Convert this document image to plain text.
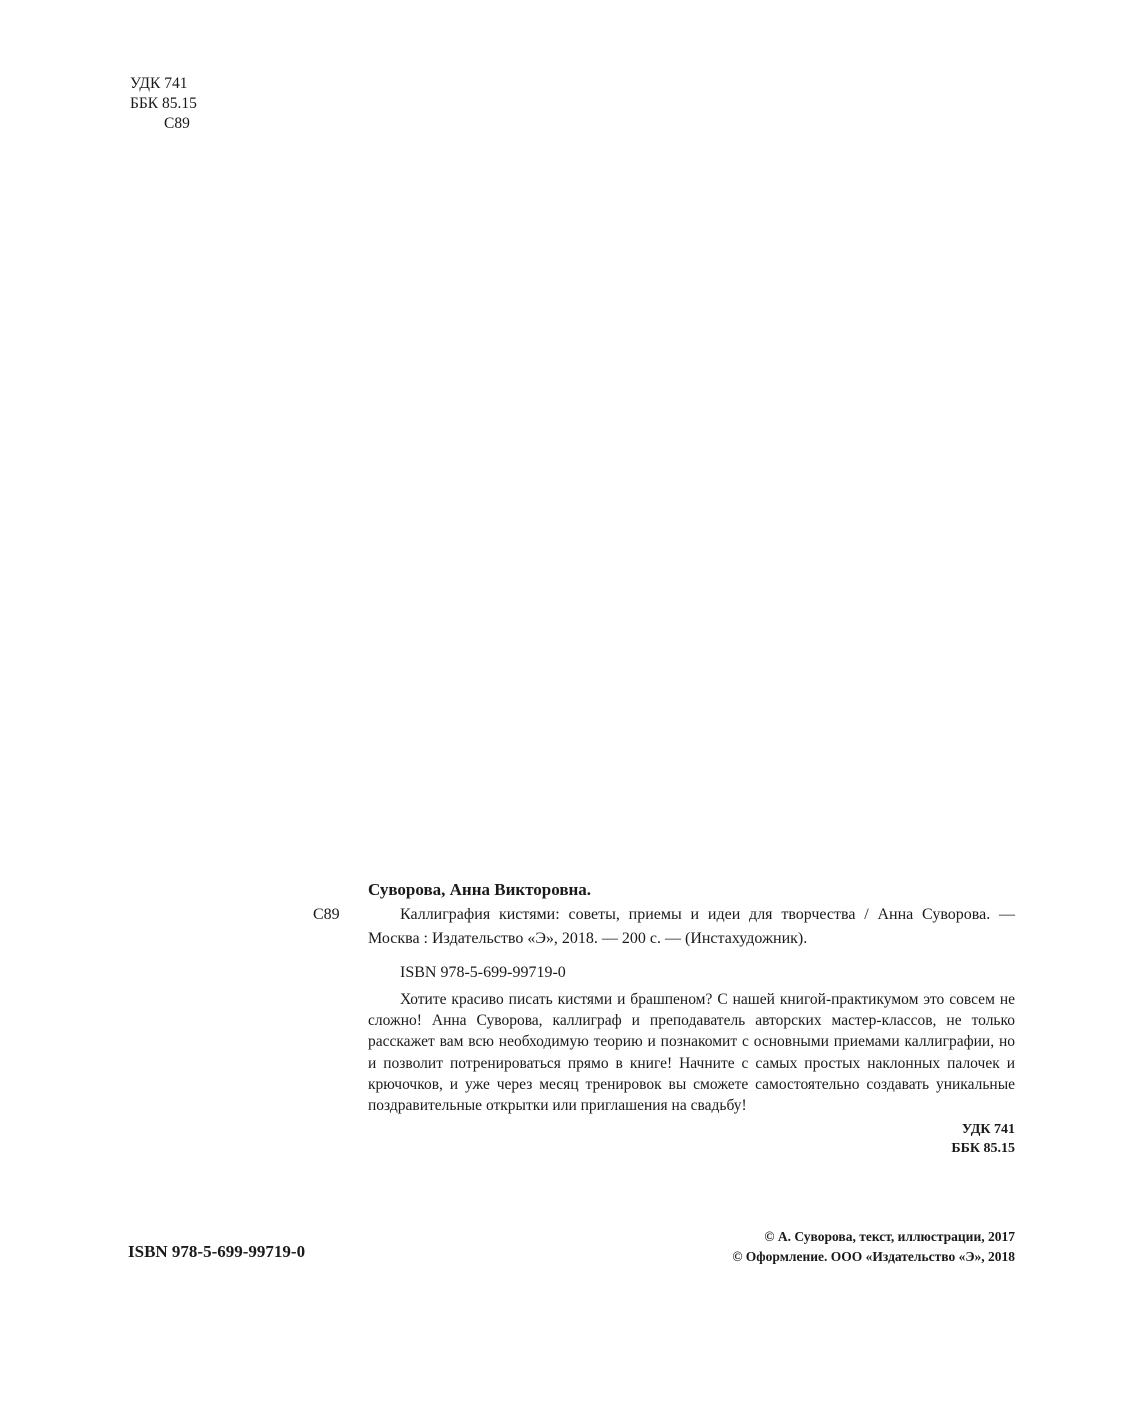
УДК 741
ББК 85.15
С89
Суворова, Анна Викторовна.
С89	Каллиграфия кистями: советы, приемы и идеи для творчества / Анна Суворова. — Москва : Издательство «Э», 2018. — 200 с. — (Инстахудожник).

ISBN 978-5-699-99719-0

Хотите красиво писать кистями и брашпеном? С нашей книгой-практикумом это совсем не сложно! Анна Суворова, каллиграф и преподаватель авторских мастер-классов, не только расскажет вам всю необходимую теорию и познакомит с основными приемами каллиграфии, но и позволит потренироваться прямо в книге! Начните с самых простых наклонных палочек и крючочков, и уже через месяц тренировок вы сможете самостоятельно создавать уникальные поздравительные открытки или приглашения на свадьбу!

УДК 741
ББК 85.15
ISBN 978-5-699-99719-0
© А. Суворова, текст, иллюстрации, 2017
© Оформление. ООО «Издательство «Э», 2018
